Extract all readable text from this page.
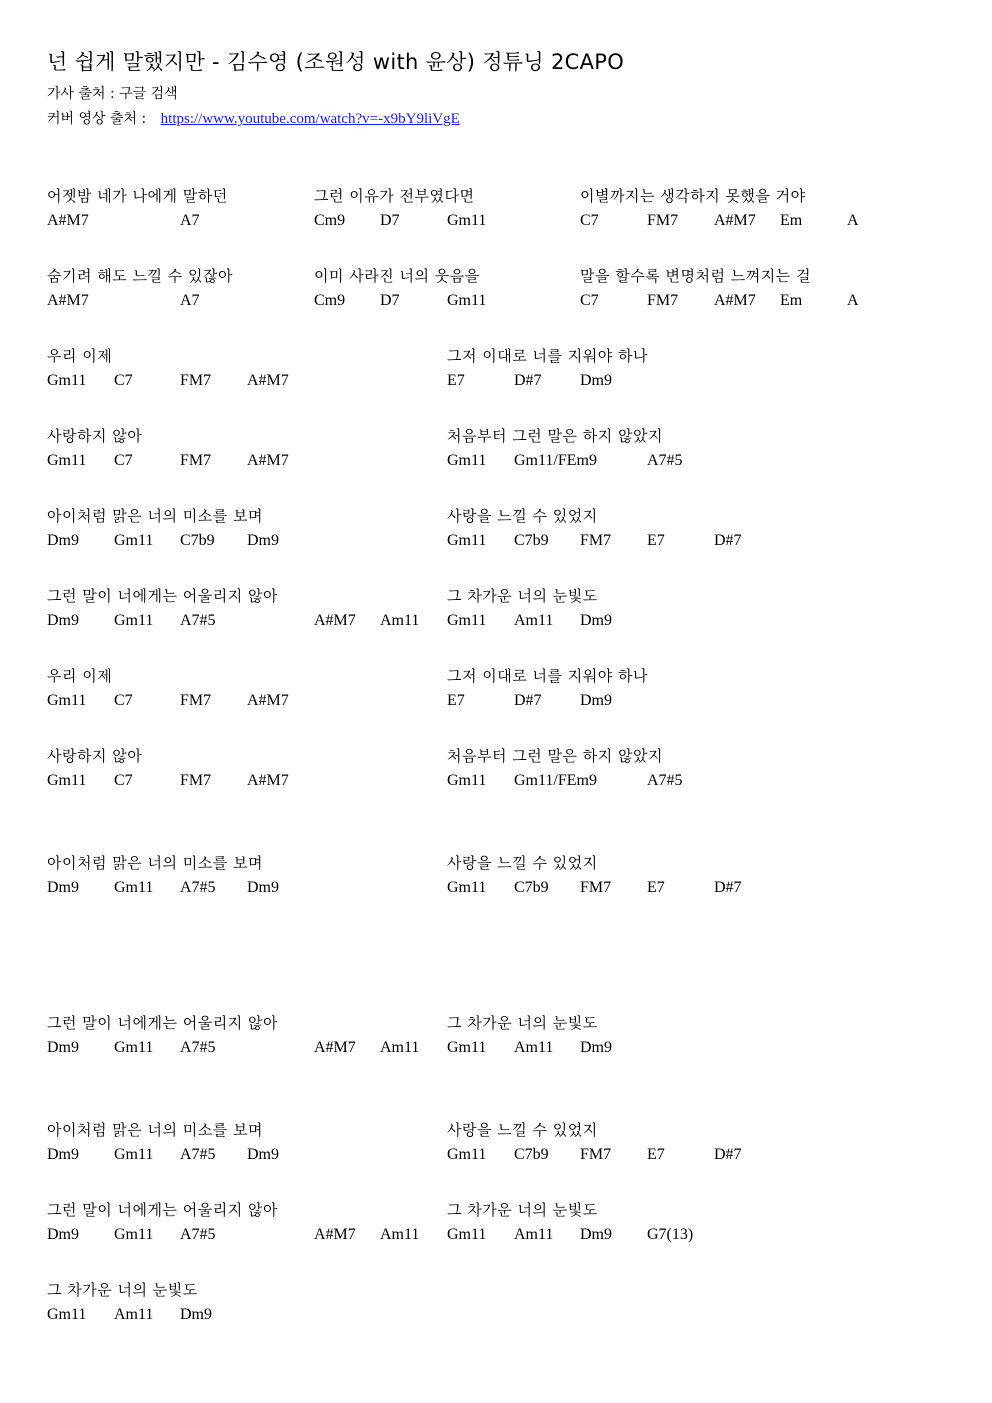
넌 쉽게 말했지만 - 김수영 (조원성 with 윤상) 정튜닝 2CAPO
가사 출처 : 구글 검색
커버 영상 출처 : https://www.youtube.com/watch?v=-x9bY9liVgE
어젯밤 네가 나에게 말하던
A#M7	A7
그런 이유가 전부였다면
Cm9 D7	Gm11
이별까지는 생각하지 못했을 거야
C7	FM7 A#M7 Em	A
숨기려 해도 느낄 수 있잖아
A#M7	A7
이미 사라진 너의 웃음을
Cm9 D7	Gm11
말을 할수록 변명처럼 느껴지는 걸
C7	FM7 A#M7 Em	A
우리 이제
Gm11 C7	FM7 A#M7
그저 이대로 너를 지워야 하나
E7	D#7 Dm9
사랑하지 않아
Gm11 C7	FM7 A#M7
처음부터 그런 말은 하지 않았지
Gm11 Gm11/FEm9	A7#5
아이처럼 맑은 너의 미소를 보며
Dm9 Gm11 C7b9 Dm9
사랑을 느낄 수 있었지
Gm11 C7b9 FM7 E7	D#7
그런 말이 너에게는 어울리지 않아
Dm9 Gm11 A7#5	A#M7 Am11
그 차가운 너의 눈빛도
Gm11 Am11 Dm9
우리 이제
Gm11 C7	FM7 A#M7
그저 이대로 너를 지워야 하나
E7	D#7 Dm9
사랑하지 않아
Gm11 C7	FM7 A#M7
처음부터 그런 말은 하지 않았지
Gm11 Gm11/FEm9	A7#5
아이처럼 맑은 너의 미소를 보며
Dm9 Gm11 A7#5 Dm9
사랑을 느낄 수 있었지
Gm11 C7b9 FM7 E7	D#7
그런 말이 너에게는 어울리지 않아
Dm9 Gm11 A7#5	A#M7 Am11
그 차가운 너의 눈빛도
Gm11 Am11 Dm9
아이처럼 맑은 너의 미소를 보며
Dm9 Gm11 A7#5 Dm9
사랑을 느낄 수 있었지
Gm11 C7b9 FM7 E7	D#7
그런 말이 너에게는 어울리지 않아
Dm9 Gm11 A7#5	A#M7 Am11
그 차가운 너의 눈빛도
Gm11 Am11 Dm9 G7(13)
그 차가운 너의 눈빛도
Gm11 Am11 Dm9
